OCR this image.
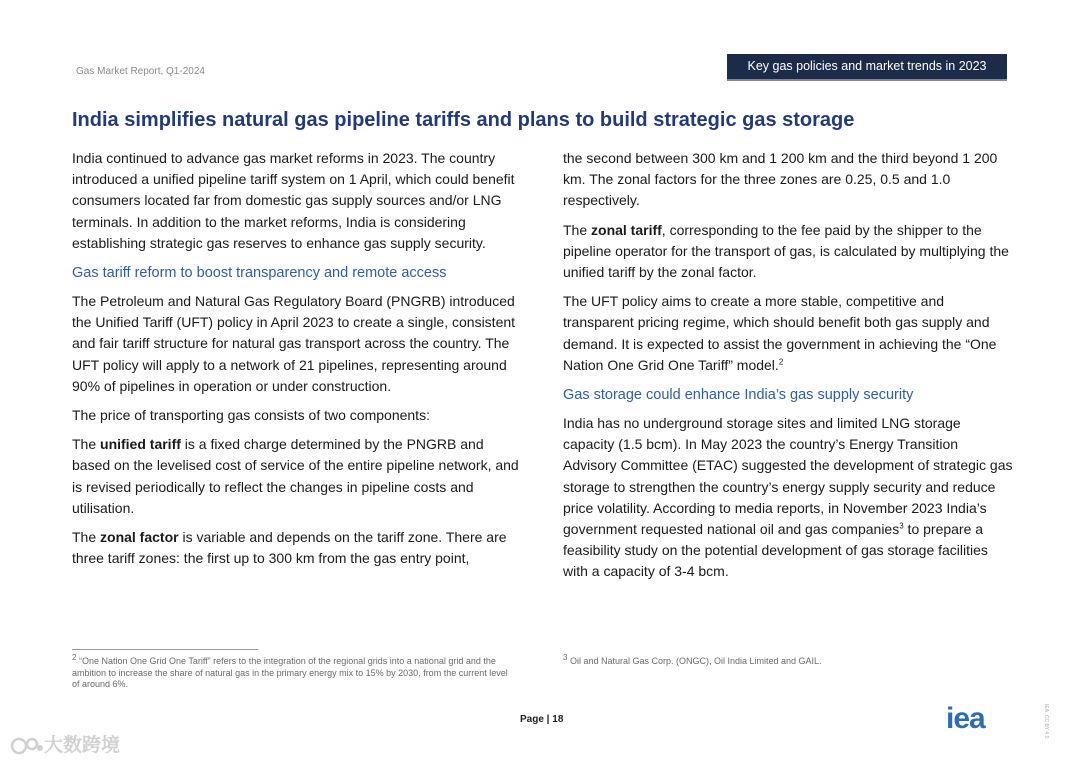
Gas Market Report, Q1-2024	Key gas policies and market trends in 2023
India simplifies natural gas pipeline tariffs and plans to build strategic gas storage

India continued to advance gas market reforms in 2023. The country introduced a unified pipeline tariff system on 1 April, which could benefit consumers located far from domestic gas supply sources and/or LNG terminals. In addition to the market reforms, India is considering establishing strategic gas reserves to enhance gas supply security.

Gas tariff reform to boost transparency and remote access

The Petroleum and Natural Gas Regulatory Board (PNGRB) introduced the Unified Tariff (UFT) policy in April 2023 to create a single, consistent and fair tariff structure for natural gas transport across the country. The UFT policy will apply to a network of 21 pipelines, representing around 90% of pipelines in operation or under construction.

The price of transporting gas consists of two components:

The unified tariff is a fixed charge determined by the PNGRB and based on the levelised cost of service of the entire pipeline network, and is revised periodically to reflect the changes in pipeline costs and utilisation.

The zonal factor is variable and depends on the tariff zone. There are three tariff zones: the first up to 300 km from the gas entry point,

the second between 300 km and 1 200 km and the third beyond 1 200 km. The zonal factors for the three zones are 0.25, 0.5 and 1.0 respectively.

The zonal tariff, corresponding to the fee paid by the shipper to the pipeline operator for the transport of gas, is calculated by multiplying the unified tariff by the zonal factor.

The UFT policy aims to create a more stable, competitive and transparent pricing regime, which should benefit both gas supply and demand. It is expected to assist the government in achieving the “One Nation One Grid One Tariff” model.$^2$

Gas storage could enhance India’s gas supply security

India has no underground storage sites and limited LNG storage capacity (1.5 bcm). In May 2023 the country’s Energy Transition Advisory Committee (ETAC) suggested the development of strategic gas storage to strengthen the country’s energy supply security and reduce price volatility. According to media reports, in November 2023 India’s government requested national oil and gas companies$^3$ to prepare a feasibility study on the potential development of gas storage facilities with a capacity of 3-4 bcm.

$^2$ “One Nation One Grid One Tariff” refers to the integration of the regional grids into a national grid and the ambition to increase the share of natural gas in the primary energy mix to 15% by 2030, from the current level of around 6%.
$^3$ Oil and Natural Gas Corp. (ONGC), Oil India Limited and GAIL.
Page | 18	iea	IEA. CC BY 4.0.
大数跨境
